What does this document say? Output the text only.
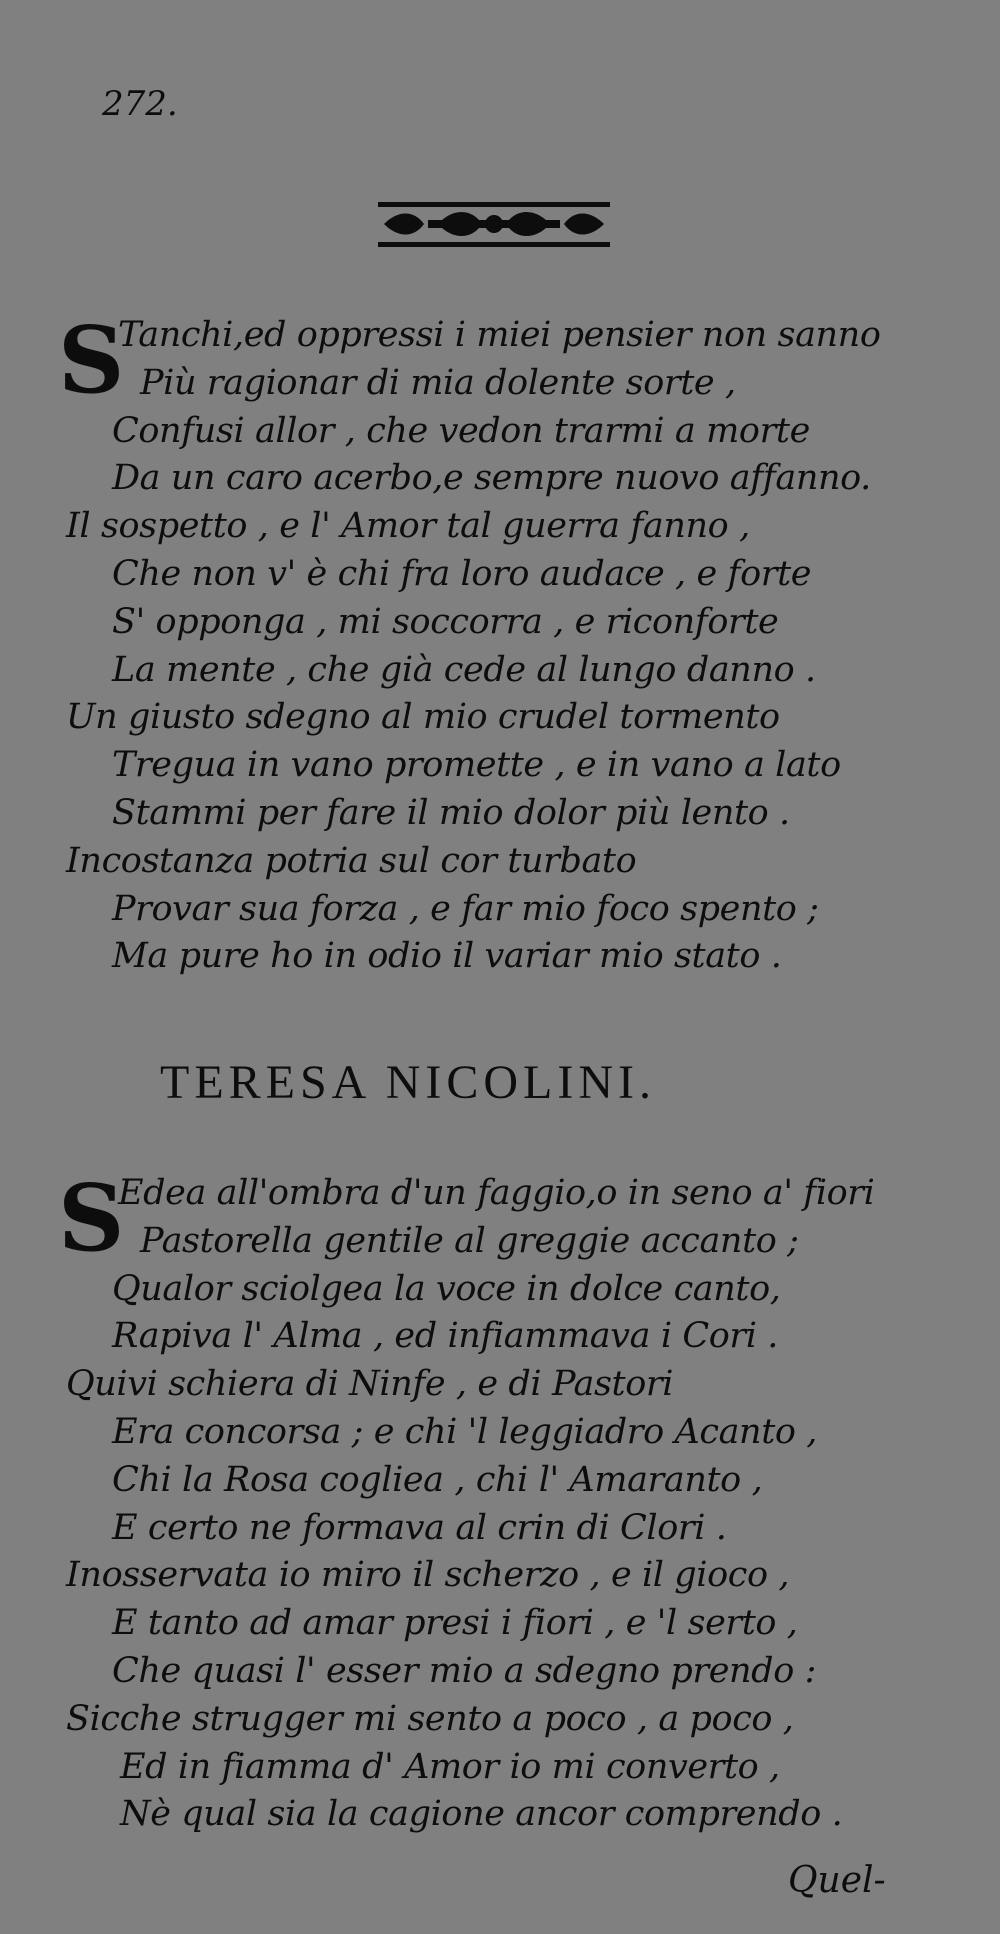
272.
S
Tanchi,ed oppressi i miei pensier non sanno
Più ragionar di mia dolente sorte ,
Confusi allor , che vedon trarmi a morte
Da un caro acerbo,e sempre nuovo affanno.
Il sospetto , e l' Amor tal guerra fanno ,
Che non v' è chi fra loro audace , e forte
S' opponga , mi soccorra , e riconforte
La mente , che già cede al lungo danno .
Un giusto sdegno al mio crudel tormento
Tregua in vano promette , e in vano a lato
Stammi per fare il mio dolor più lento .
Incostanza potria sul cor turbato
Provar sua forza , e far mio foco spento ;
Ma pure ho in odio il variar mio stato .
TERESA NICOLINI.
S
Edea all'ombra d'un faggio,o in seno a' fiori
Pastorella gentile al greggie accanto ;
Qualor sciolgea la voce in dolce canto,
Rapiva l' Alma , ed infiammava i Cori .
Quivi schiera di Ninfe , e di Pastori
Era concorsa ; e chi 'l leggiadro Acanto ,
Chi la Rosa cogliea , chi l' Amaranto ,
E certo ne formava al crin di Clori .
Inosservata io miro il scherzo , e il gioco ,
E tanto ad amar presi i fiori , e 'l serto ,
Che quasi l' esser mio a sdegno prendo :
Sicche strugger mi sento a poco , a poco ,
Ed in fiamma d' Amor io mi converto ,
Nè qual sia la cagione ancor comprendo .
Quel-
